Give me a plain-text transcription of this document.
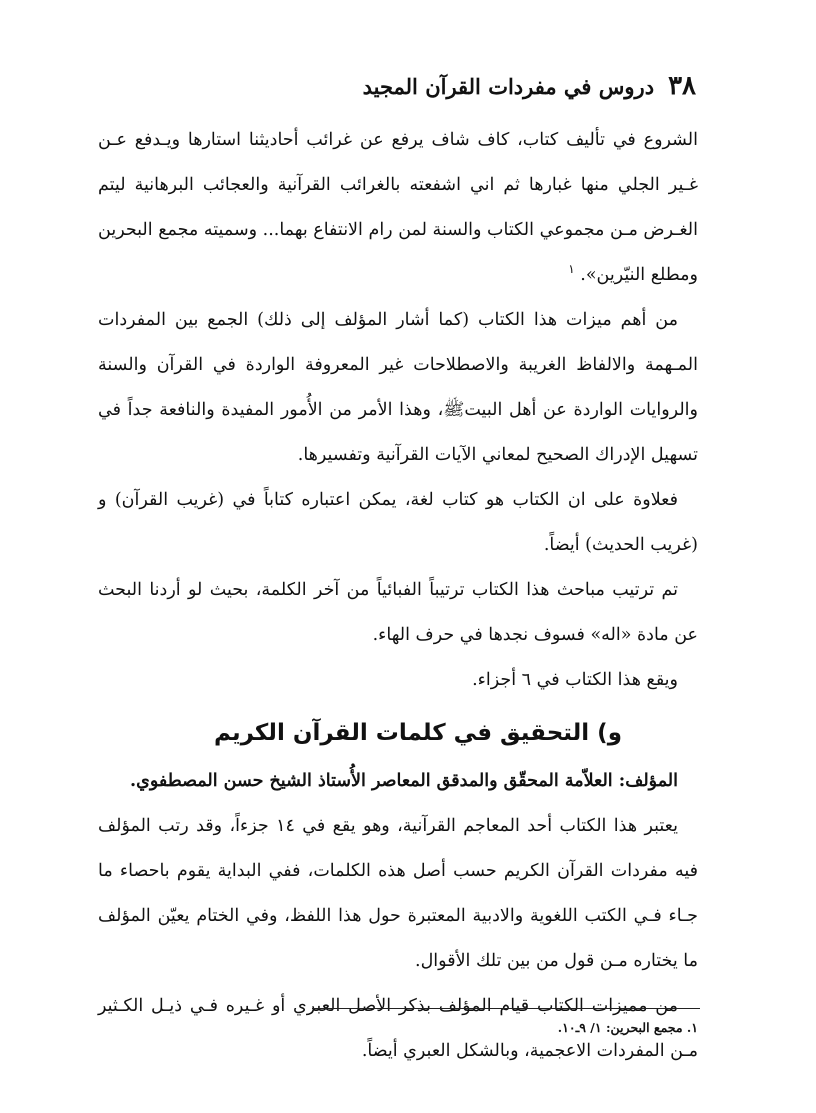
٣٨
دروس في مفردات القرآن المجيد

الشروع في تأليف كتاب، كاف شاف يرفع عن غرائب أحاديثنا استارها ويـدفع عـن غـير الجلي منها غبارها ثم اني اشفعته بالغرائب القرآنية والعجائب البرهانية ليتم الغـرض مـن مجموعي الكتاب والسنة لمن رام الانتفاع بهما... وسميته مجمع البحرين ومطلع النيّرين». $^١$

من أهم ميزات هذا الكتاب (كما أشار المؤلف إلى ذلك) الجمع بين المفردات المـهمة والالفاظ الغريبة والاصطلاحات غير المعروفة الواردة في القرآن والسنة والروايات الواردة عن أهل البيتﷺ، وهذا الأمر من الأُمور المفيدة والنافعة جداً في تسهيل الإدراك الصحيح لمعاني الآيات القرآنية وتفسيرها.

فعلاوة على ان الكتاب هو كتاب لغة، يمكن اعتباره كتاباً في (غريب القرآن) و (غريب الحديث) أيضاً.

تم ترتيب مباحث هذا الكتاب ترتيباً الفبائياً من آخر الكلمة، بحيث لو أردنا البحث عن مادة «اله» فسوف نجدها في حرف الهاء.

ويقع هذا الكتاب في ٦ أجزاء.

و) التحقيق في كلمات القرآن الكريم

المؤلف: العلاّمة المحقّق والمدقق المعاصر الأُستاذ الشيخ حسن المصطفوي.

يعتبر هذا الكتاب أحد المعاجم القرآنية، وهو يقع في ١٤ جزءاً، وقد رتب المؤلف فيه مفردات القرآن الكريم حسب أصل هذه الكلمات، ففي البداية يقوم باحصاء ما جـاء فـي الكتب اللغوية والادبية المعتبرة حول هذا اللفظ، وفي الختام يعيّن المؤلف ما يختاره مـن قول من بين تلك الأقوال.

من مميزات الكتاب قيام المؤلف بذكر الأصل العبري أو غـيره فـي ذيـل الكـثير مـن المفردات الاعجمية، وبالشكل العبري أيضاً.

١. مجمع البحرين: ١/ ٩ـ١٠.
